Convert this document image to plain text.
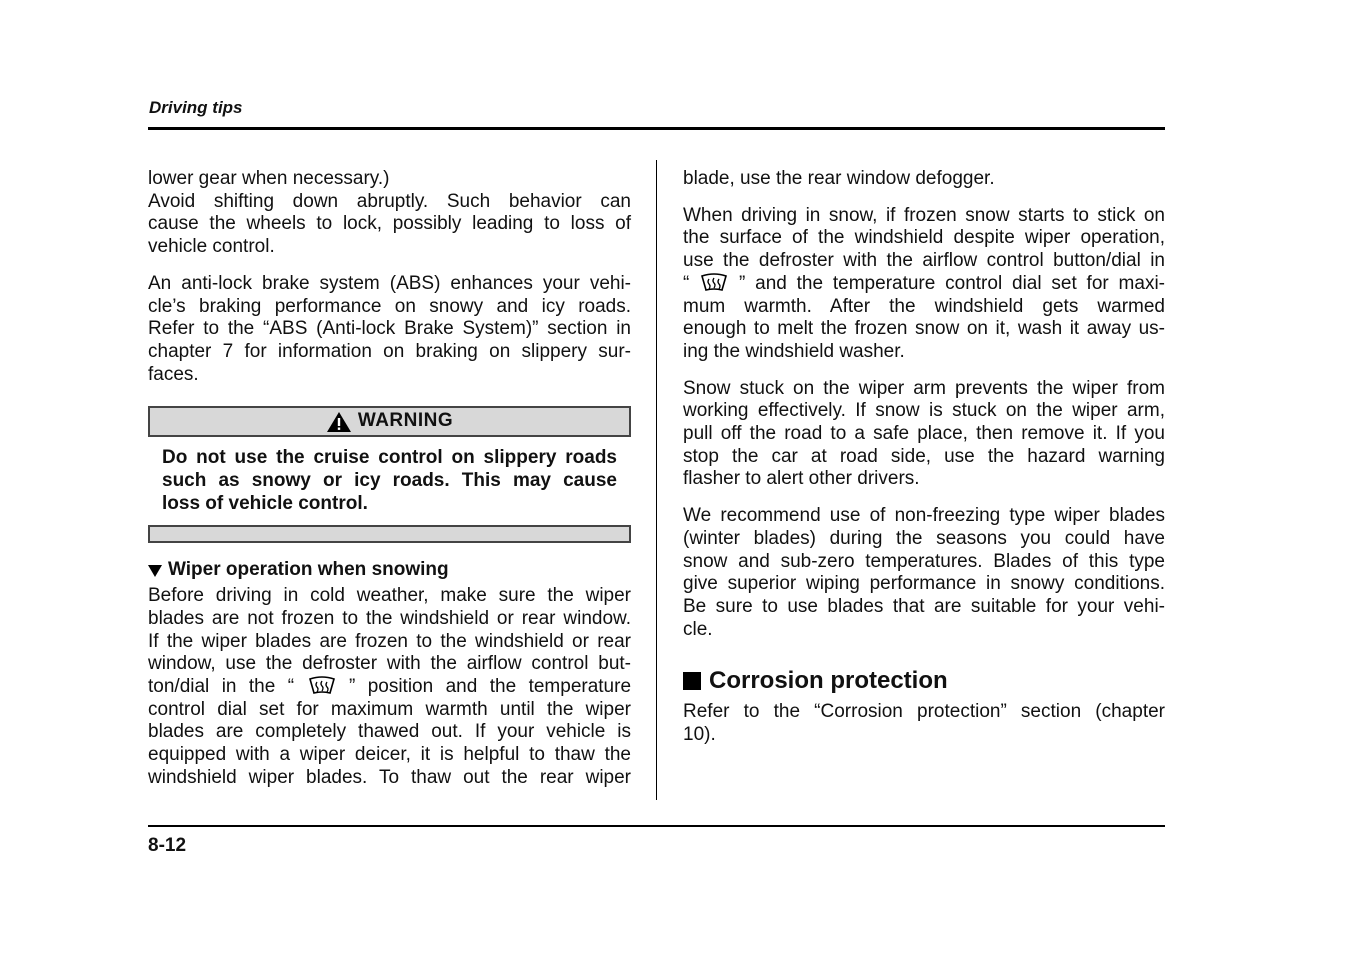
Driving tips

lower gear when necessary.)
Avoid shifting down abruptly. Such behavior can
cause the wheels to lock, possibly leading to loss of
vehicle control.

An anti-lock brake system (ABS) enhances your vehi-
cle’s braking performance on snowy and icy roads.
Refer to the “ABS (Anti-lock Brake System)” section in
chapter 7 for information on braking on slippery sur-
faces.

WARNING
Do not use the cruise control on slippery roads
such as snowy or icy roads. This may cause
loss of vehicle control.
Wiper operation when snowing

Before driving in cold weather, make sure the wiper
blades are not frozen to the windshield or rear window.
If the wiper blades are frozen to the windshield or rear
window, use the defroster with the airflow control but-
ton/dial in the “	” position and the temperature
control dial set for maximum warmth until the wiper
blades are completely thawed out. If your vehicle is
equipped with a wiper deicer, it is helpful to thaw the
windshield wiper blades. To thaw out the rear wiper

blade, use the rear window defogger.

When driving in snow, if frozen snow starts to stick on
the surface of the windshield despite wiper operation,
use the defroster with the airflow control button/dial in
“	” and the temperature control dial set for maxi-
mum warmth. After the windshield gets warmed
enough to melt the frozen snow on it, wash it away us-
ing the windshield washer.

Snow stuck on the wiper arm prevents the wiper from
working effectively. If snow is stuck on the wiper arm,
pull off the road to a safe place, then remove it. If you
stop the car at road side, use the hazard warning
flasher to alert other drivers.

We recommend use of non-freezing type wiper blades
(winter blades) during the seasons you could have
snow and sub-zero temperatures. Blades of this type
give superior wiping performance in snowy conditions.
Be sure to use blades that are suitable for your vehi-
cle.

Corrosion protection

Refer to the “Corrosion protection” section (chapter
10).

8-12
